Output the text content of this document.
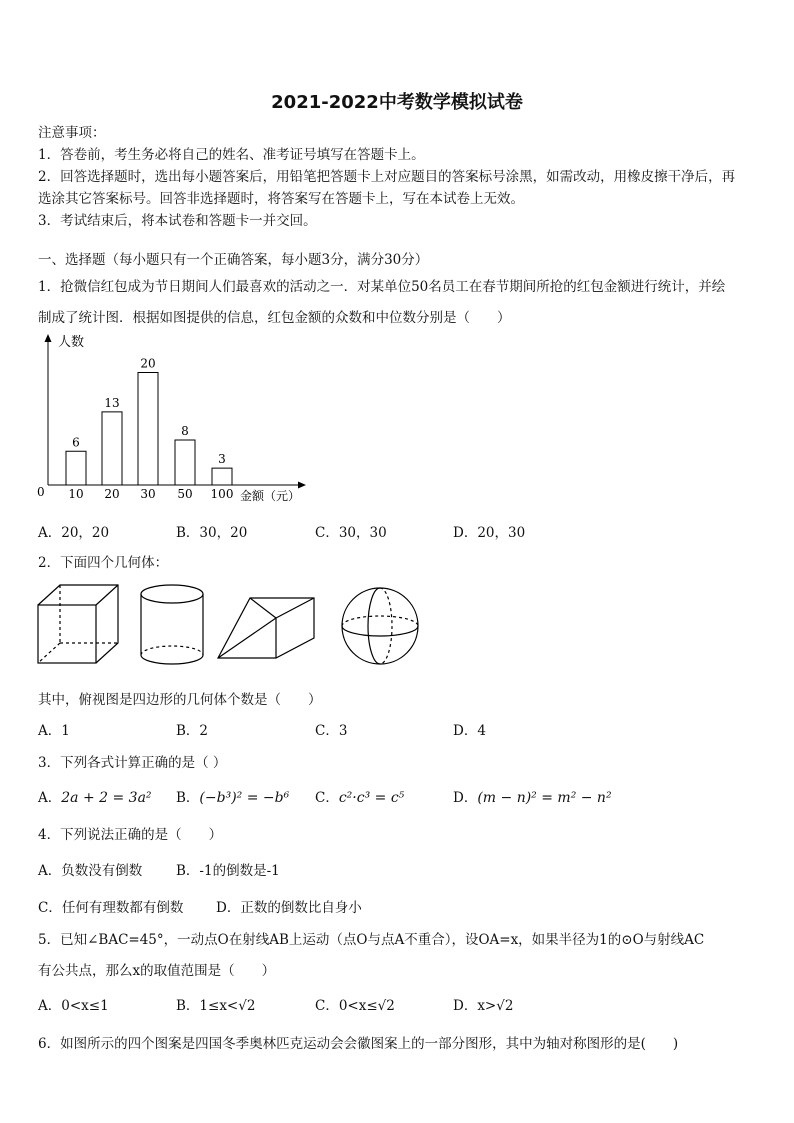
2021-2022中考数学模拟试卷
注意事项：
1．答卷前，考生务必将自己的姓名、准考证号填写在答题卡上。
2．回答选择题时，选出每小题答案后，用铅笔把答题卡上对应题目的答案标号涂黑，如需改动，用橡皮擦干净后，再
选涂其它答案标号。回答非选择题时，将答案写在答题卡上，写在本试卷上无效。
3．考试结束后，将本试卷和答题卡一并交回。
一、选择题（每小题只有一个正确答案，每小题3分，满分30分）
1．抢微信红包成为节日期间人们最喜欢的活动之一．对某单位50名员工在春节期间所抢的红包金额进行统计，并绘
制成了统计图．根据如图提供的信息，红包金额的众数和中位数分别是（　　）
人数
金额（元）
0
6
10
13
20
20
30
8
50
3
100
A．20，20	B．30，20	C．30，30	D．20，30
2．下面四个几何体：
其中，俯视图是四边形的几何体个数是（　　）
A．1	B．2	C．3	D．4
3．下列各式计算正确的是（ ）
A．2a + 2 = 3a² B．(−b³)² = −b⁶ C．c²·c³ = c⁵	D．(m − n)² = m² − n²
4．下列说法正确的是（　　）
A．负数没有倒数	B．-1的倒数是-1
C．任何有理数都有倒数 D．正数的倒数比自身小
5．已知∠BAC=45°，一动点O在射线AB上运动（点O与点A不重合），设OA=x，如果半径为1的⊙O与射线AC
有公共点，那么x的取值范围是（　　）
A．0<x≤1	B．1≤x<√2	C．0<x≤√2	D．x>√2
6．如图所示的四个图案是四国冬季奥林匹克运动会会徽图案上的一部分图形，其中为轴对称图形的是(　　)
